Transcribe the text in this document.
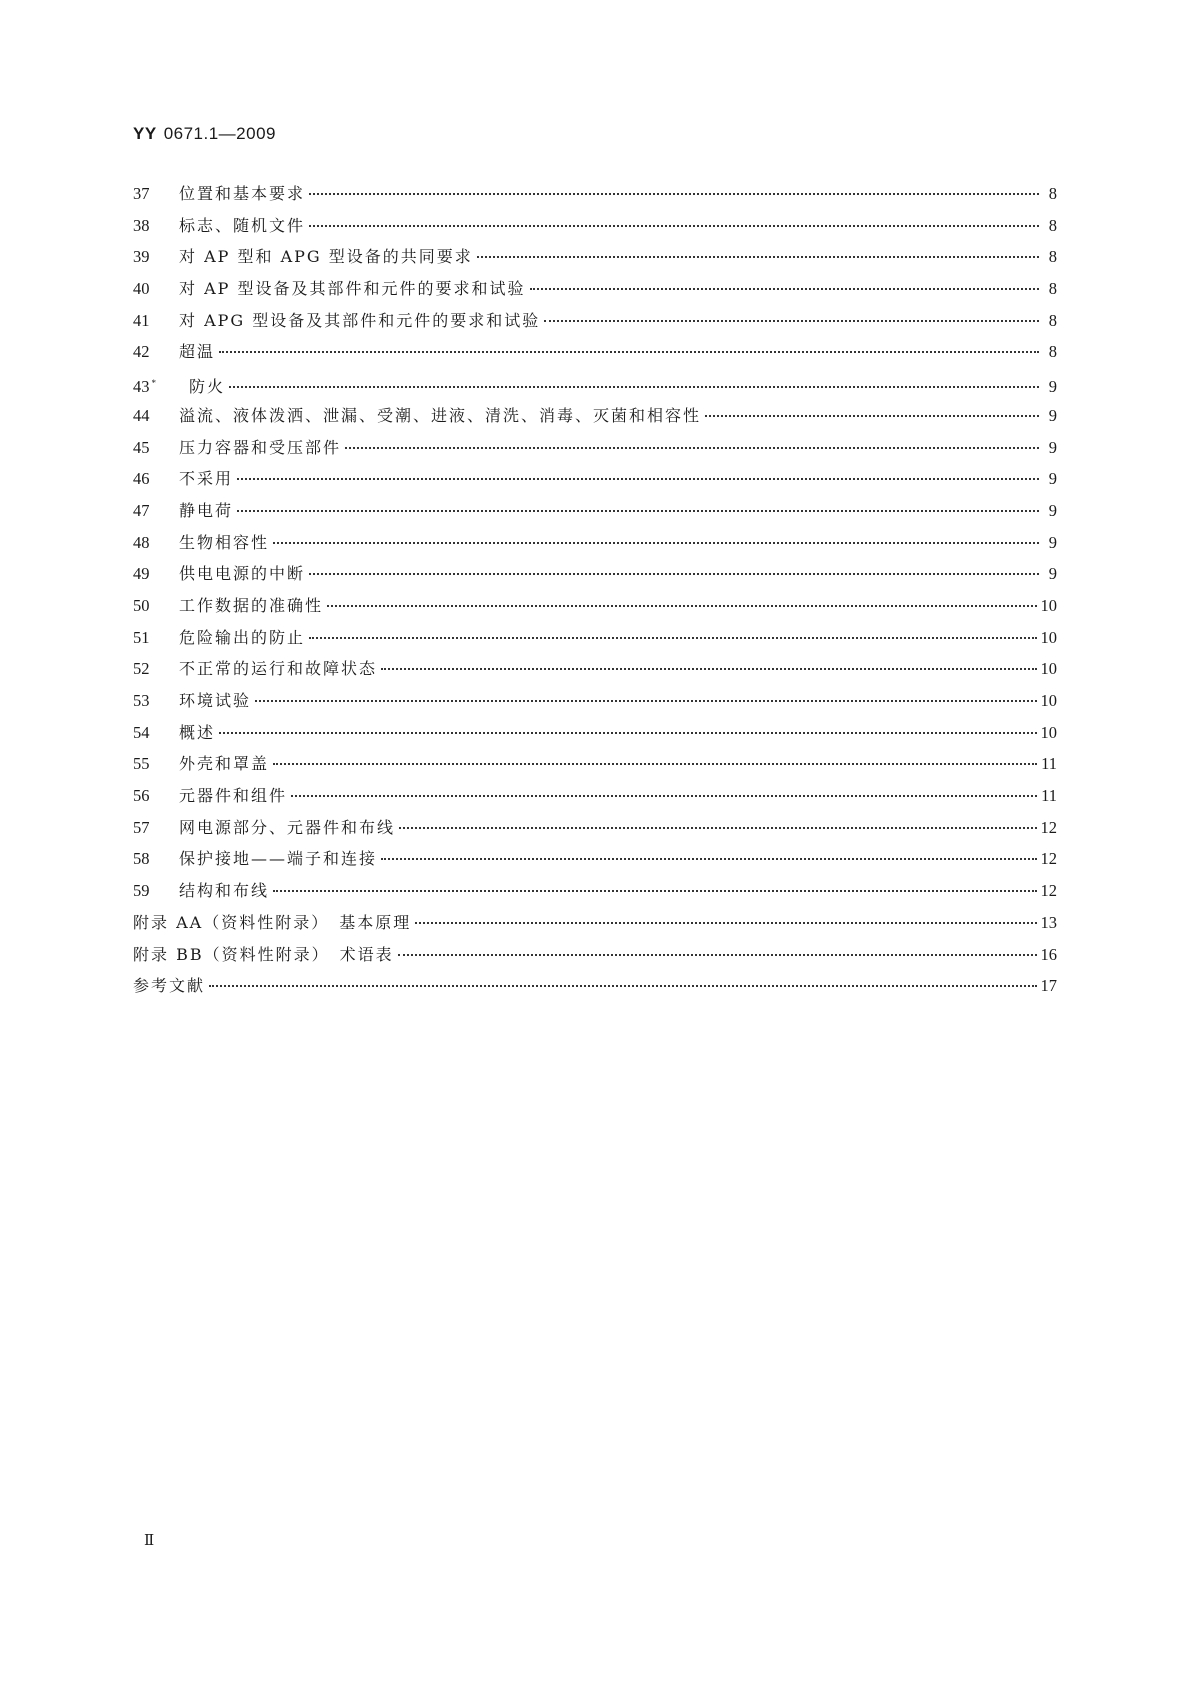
YY 0671.1—2009
37	位置和基本要求	8
38	标志、随机文件	8
39	对 AP 型和 APG 型设备的共同要求	8
40	对 AP 型设备及其部件和元件的要求和试验	8
41	对 APG 型设备及其部件和元件的要求和试验	8
42	超温	8
43 *	防火	9
44	溢流、液体泼洒、泄漏、受潮、进液、清洗、消毒、灭菌和相容性	9
45	压力容器和受压部件	9
46	不采用	9
47	静电荷	9
48	生物相容性	9
49	供电电源的中断	9
50	工作数据的准确性	10
51	危险输出的防止	10
52	不正常的运行和故障状态	10
53	环境试验	10
54	概述	10
55	外壳和罩盖	11
56	元器件和组件	11
57	网电源部分、元器件和布线	12
58	保护接地——端子和连接	12
59	结构和布线	12
附录 AA（资料性附录）　基本原理	13
附录 BB（资料性附录）　术语表	16
参考文献	17
Ⅱ
